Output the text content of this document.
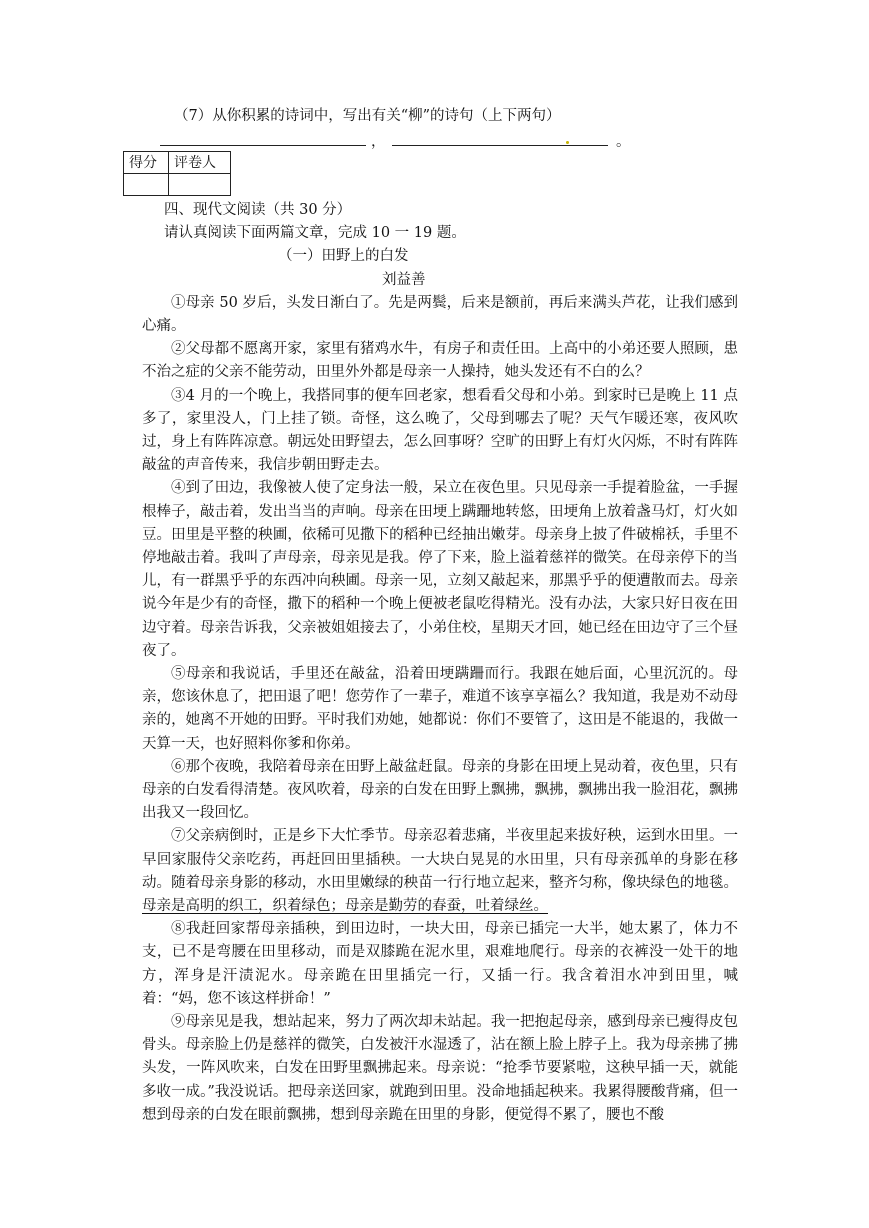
（7）从你积累的诗词中，写出有关“柳”的诗句（上下两句）
，	。
得分	评卷人

四、现代文阅读（共 30 分）
请认真阅读下面两篇文章，完成 10 一 19 题。
（一）田野上的白发
刘益善

①母亲 50 岁后，头发日渐白了。先是两鬓，后来是额前，再后来满头芦花，让我们感到心痛。

②父母都不愿离开家，家里有猪鸡水牛，有房子和责任田。上高中的小弟还要人照顾，患不治之症的父亲不能劳动，田里外外都是母亲一人操持，她头发还有不白的么？

③4 月的一个晚上，我搭同事的便车回老家，想看看父母和小弟。到家时已是晚上 11 点多了，家里没人，门上挂了锁。奇怪，这么晚了，父母到哪去了呢？天气乍暖还寒，夜风吹过，身上有阵阵凉意。朝远处田野望去，怎么回事呀？空旷的田野上有灯火闪烁，不时有阵阵敲盆的声音传来，我信步朝田野走去。

④到了田边，我像被人使了定身法一般，呆立在夜色里。只见母亲一手提着脸盆，一手握根棒子，敲击着，发出当当的声响。母亲在田埂上蹒跚地转悠，田埂角上放着盏马灯，灯火如豆。田里是平整的秧圃，依稀可见撒下的稻种已经抽出嫩芽。母亲身上披了件破棉袄，手里不停地敲击着。我叫了声母亲，母亲见是我。停了下来，脸上溢着慈祥的微笑。在母亲停下的当儿，有一群黑乎乎的东西冲向秧圃。母亲一见，立刻又敲起来，那黑乎乎的便遭散而去。母亲说今年是少有的奇怪，撒下的稻种一个晚上便被老鼠吃得精光。没有办法，大家只好日夜在田边守着。母亲告诉我，父亲被姐姐接去了，小弟住校，星期天才回，她已经在田边守了三个昼夜了。

⑤母亲和我说话，手里还在敲盆，沿着田埂蹒跚而行。我跟在她后面，心里沉沉的。母亲，您该休息了，把田退了吧！您劳作了一辈子，难道不该享享福么？我知道，我是劝不动母亲的，她离不开她的田野。平时我们劝她，她都说：你们不要管了，这田是不能退的，我做一天算一天，也好照料你爹和你弟。

⑥那个夜晚，我陪着母亲在田野上敲盆赶鼠。母亲的身影在田埂上晃动着，夜色里，只有母亲的白发看得清楚。夜风吹着，母亲的白发在田野上飘拂，飘拂，飘拂出我一脸泪花，飘拂出我又一段回忆。

⑦父亲病倒时，正是乡下大忙季节。母亲忍着悲痛，半夜里起来拔好秧，运到水田里。一早回家服侍父亲吃药，再赶回田里插秧。一大块白晃晃的水田里，只有母亲孤单的身影在移动。随着母亲身影的移动，水田里嫩绿的秧苗一行行地立起来，整齐匀称，像块绿色的地毯。母亲是高明的织工，织着绿色；母亲是勤劳的春蚕，吐着绿丝。

⑧我赶回家帮母亲插秧，到田边时，一块大田，母亲已插完一大半，她太累了，体力不支，已不是弯腰在田里移动，而是双膝跪在泥水里，艰难地爬行。母亲的衣裤没一处干的地方，浑身是汗渍泥水。母亲跪在田里插完一行，又插一行。我含着泪水冲到田里，喊着：“妈，您不该这样拼命！”

⑨母亲见是我，想站起来，努力了两次却未站起。我一把抱起母亲，感到母亲已瘦得皮包骨头。母亲脸上仍是慈祥的微笑，白发被汗水湿透了，沾在额上脸上脖子上。我为母亲拂了拂头发，一阵风吹来，白发在田野里飘拂起来。母亲说：“抢季节要紧啦，这秧早插一天，就能多收一成。”我没说话。把母亲送回家，就跑到田里。没命地插起秧来。我累得腰酸背痛，但一想到母亲的白发在眼前飘拂，想到母亲跪在田里的身影，便觉得不累了，腰也不酸
